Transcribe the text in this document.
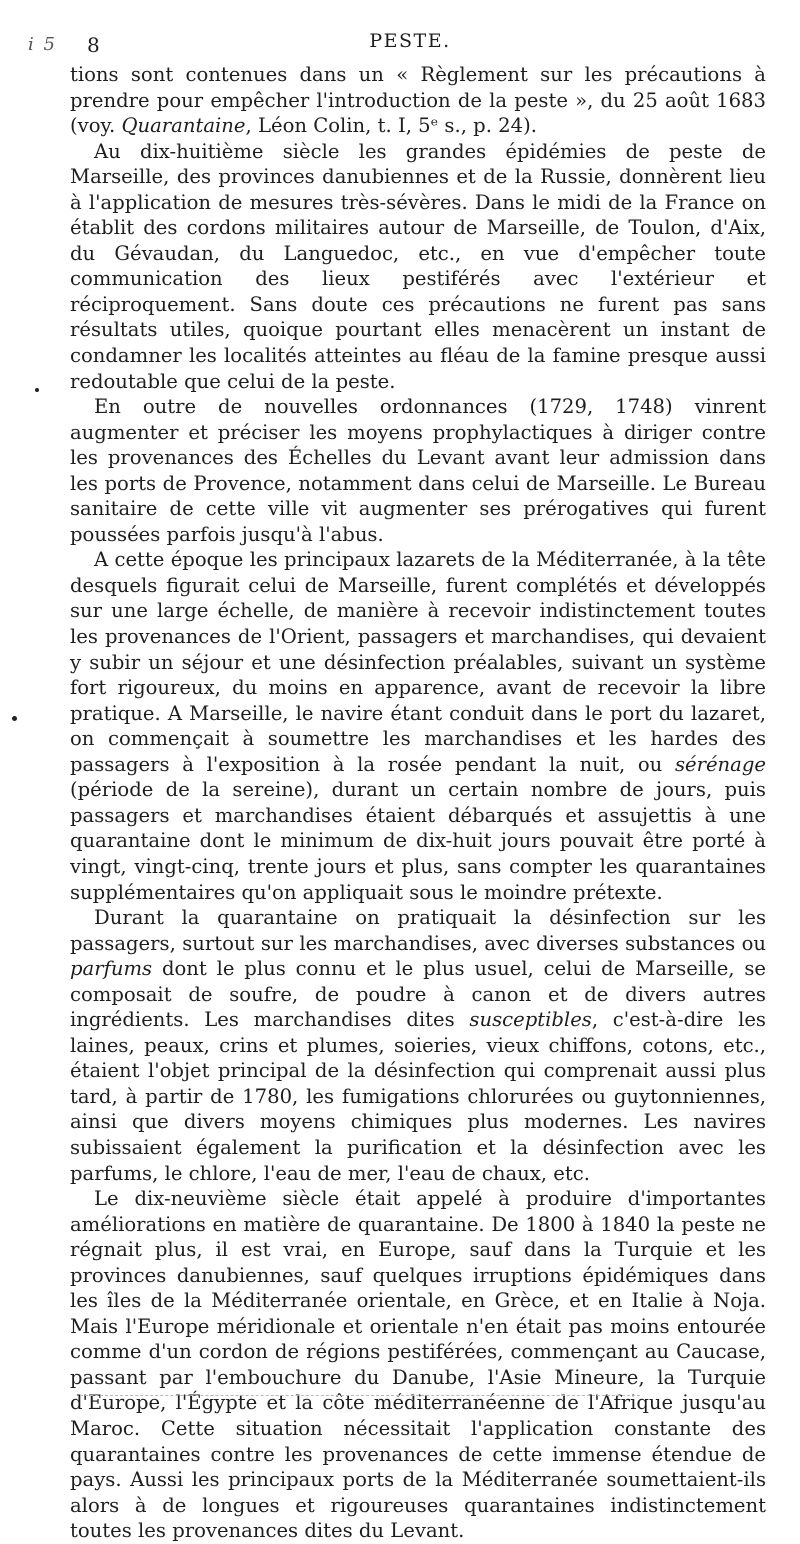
i 5 8	PESTE.

tions sont contenues dans un « Règlement sur les précautions à prendre pour empêcher l'introduction de la peste », du 25 août 1683 (voy. Quarantaine, Léon Colin, t. I, 5ᵉ s., p. 24).

Au dix-huitième siècle les grandes épidémies de peste de Marseille, des provinces danubiennes et de la Russie, donnèrent lieu à l'application de mesures très-sévères. Dans le midi de la France on établit des cordons militaires autour de Marseille, de Toulon, d'Aix, du Gévaudan, du Languedoc, etc., en vue d'empêcher toute communication des lieux pestiférés avec l'extérieur et réciproquement. Sans doute ces précautions ne furent pas sans résultats utiles, quoique pourtant elles menacèrent un instant de condamner les localités atteintes au fléau de la famine presque aussi redoutable que celui de la peste.

En outre de nouvelles ordonnances (1729, 1748) vinrent augmenter et préciser les moyens prophylactiques à diriger contre les provenances des Échelles du Levant avant leur admission dans les ports de Provence, notamment dans celui de Marseille. Le Bureau sanitaire de cette ville vit augmenter ses prérogatives qui furent poussées parfois jusqu'à l'abus.

A cette époque les principaux lazarets de la Méditerranée, à la tête desquels figurait celui de Marseille, furent complétés et développés sur une large échelle, de manière à recevoir indistinctement toutes les provenances de l'Orient, passagers et marchandises, qui devaient y subir un séjour et une désinfection préalables, suivant un système fort rigoureux, du moins en apparence, avant de recevoir la libre pratique. A Marseille, le navire étant conduit dans le port du lazaret, on commençait à soumettre les marchandises et les hardes des passagers à l'exposition à la rosée pendant la nuit, ou sérénage (période de la sereine), durant un certain nombre de jours, puis passagers et marchandises étaient débarqués et assujettis à une quarantaine dont le minimum de dix-huit jours pouvait être porté à vingt, vingt-cinq, trente jours et plus, sans compter les quarantaines supplémentaires qu'on appliquait sous le moindre prétexte.

Durant la quarantaine on pratiquait la désinfection sur les passagers, surtout sur les marchandises, avec diverses substances ou parfums dont le plus connu et le plus usuel, celui de Marseille, se composait de soufre, de poudre à canon et de divers autres ingrédients. Les marchandises dites susceptibles, c'est-à-dire les laines, peaux, crins et plumes, soieries, vieux chiffons, cotons, etc., étaient l'objet principal de la désinfection qui comprenait aussi plus tard, à partir de 1780, les fumigations chlorurées ou guytonniennes, ainsi que divers moyens chimiques plus modernes. Les navires subissaient également la purification et la désinfection avec les parfums, le chlore, l'eau de mer, l'eau de chaux, etc.

Le dix-neuvième siècle était appelé à produire d'importantes améliorations en matière de quarantaine. De 1800 à 1840 la peste ne régnait plus, il est vrai, en Europe, sauf dans la Turquie et les provinces danubiennes, sauf quelques irruptions épidémiques dans les îles de la Méditerranée orientale, en Grèce, et en Italie à Noja. Mais l'Europe méridionale et orientale n'en était pas moins entourée comme d'un cordon de régions pestiférées, commençant au Caucase, passant par l'embouchure du Danube, l'Asie Mineure, la Turquie d'Europe, l'Égypte et la côte méditerranéenne de l'Afrique jusqu'au Maroc. Cette situation nécessitait l'application constante des quarantaines contre les provenances de cette immense étendue de pays. Aussi les principaux ports de la Méditerranée soumettaient-ils alors à de longues et rigoureuses quarantaines indistinctement toutes les provenances dites du Levant.
